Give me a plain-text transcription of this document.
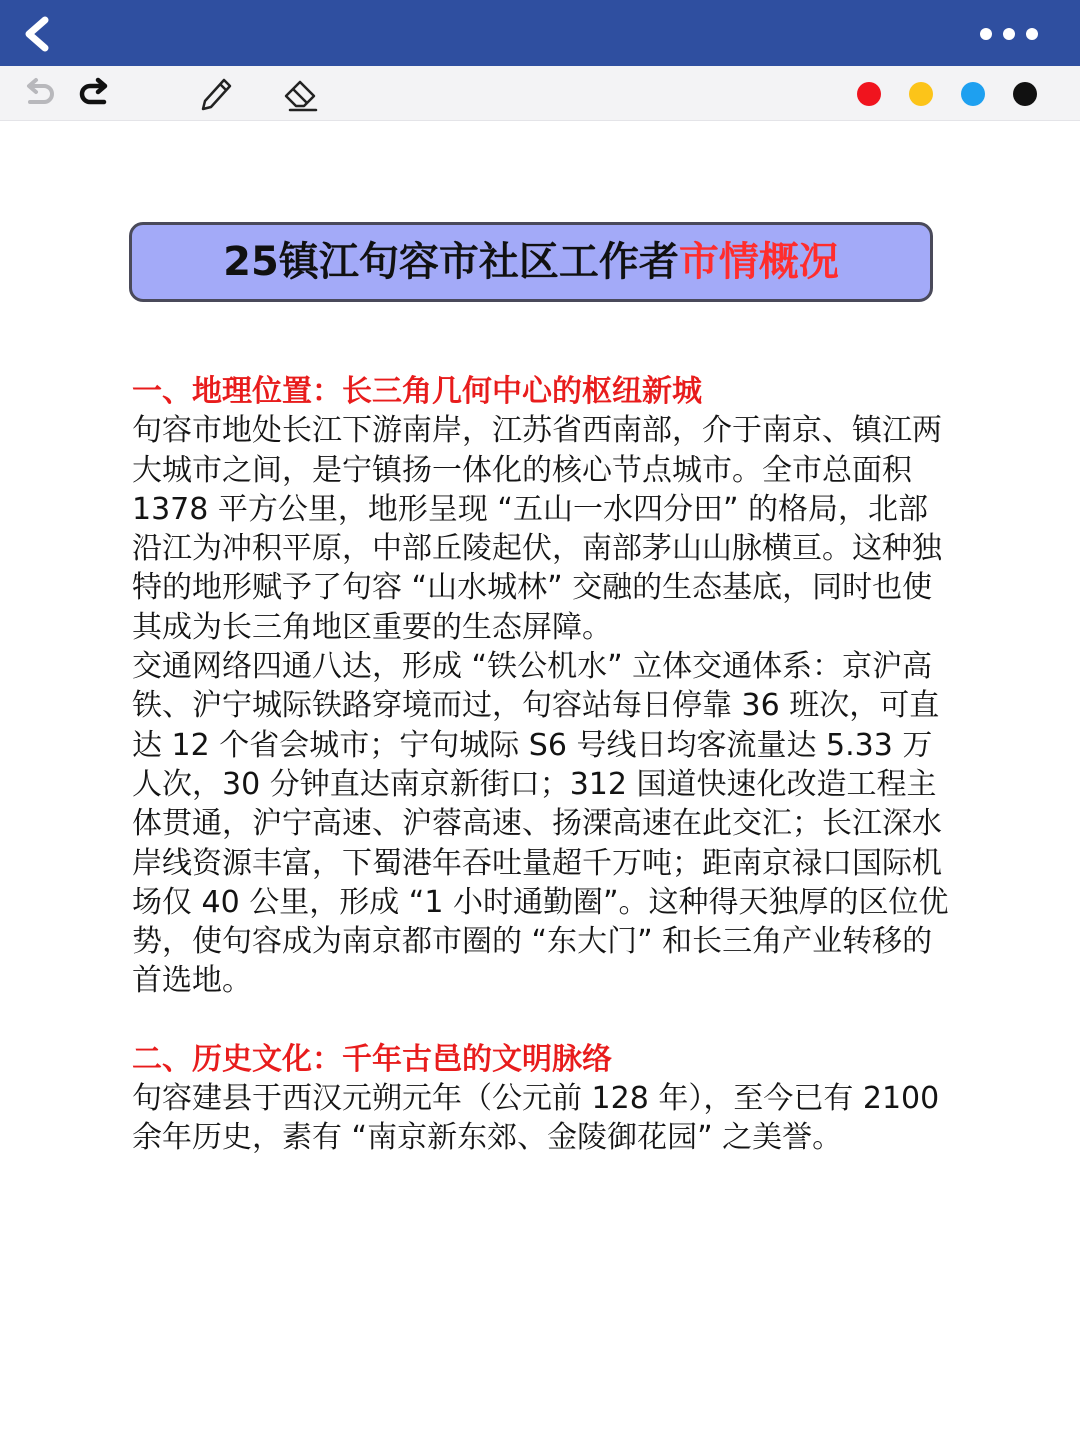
25镇江句容市社区工作者市情概况

一、地理位置：长三角几何中心的枢纽新城

句容市地处长江下游南岸，江苏省西南部，介于南京、镇江两大城市之间，是宁镇扬一体化的核心节点城市。全市总面积 1378 平方公里，地形呈现 “五山一水四分田” 的格局，北部沿江为冲积平原，中部丘陵起伏，南部茅山山脉横亘。这种独特的地形赋予了句容 “山水城林” 交融的生态基底，同时也使其成为长三角地区重要的生态屏障。

交通网络四通八达，形成 “铁公机水” 立体交通体系：京沪高铁、沪宁城际铁路穿境而过，句容站每日停靠 36 班次，可直达 12 个省会城市；宁句城际 S6 号线日均客流量达 5.33 万人次，30 分钟直达南京新街口；312 国道快速化改造工程主体贯通，沪宁高速、沪蓉高速、扬溧高速在此交汇；长江深水岸线资源丰富，下蜀港年吞吐量超千万吨；距南京禄口国际机场仅 40 公里，形成 “1 小时通勤圈”。这种得天独厚的区位优势，使句容成为南京都市圈的 “东大门” 和长三角产业转移的首选地。

二、历史文化：千年古邑的文明脉络

句容建县于西汉元朔元年（公元前 128 年），至今已有 2100 余年历史，素有 “南京新东郊、金陵御花园” 之美誉。
